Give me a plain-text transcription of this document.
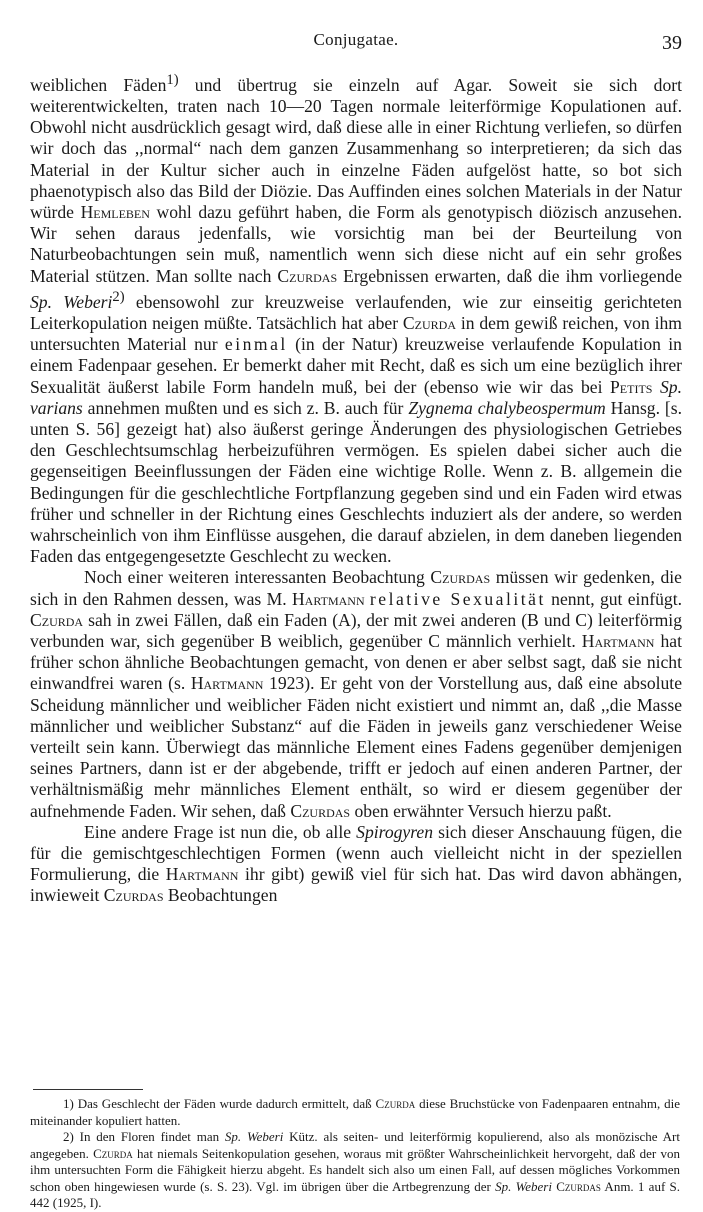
Conjugatae.	39

weiblichen Fäden$^{1)}$ und übertrug sie einzeln auf Agar. Soweit sie sich dort weiterentwickelten, traten nach 10—20 Tagen normale leiterförmige Kopulationen auf. Obwohl nicht ausdrücklich gesagt wird, daß diese alle in einer Richtung verliefen, so dürfen wir doch das ,,normal“ nach dem ganzen Zusammenhang so interpretieren; da sich das Material in der Kultur sicher auch in einzelne Fäden aufgelöst hatte, so bot sich phaenotypisch also das Bild der Diözie. Das Auffinden eines solchen Materials in der Natur würde Hemleben wohl dazu geführt haben, die Form als genotypisch diözisch anzusehen. Wir sehen daraus jedenfalls, wie vorsichtig man bei der Beurteilung von Naturbeobachtungen sein muß, namentlich wenn sich diese nicht auf ein sehr großes Material stützen. Man sollte nach Czurdas Ergebnissen erwarten, daß die ihm vorliegende Sp. Weberi$^{2)}$ ebensowohl zur kreuzweise verlaufenden, wie zur einseitig gerichteten Leiterkopulation neigen müßte. Tatsächlich hat aber Czurda in dem gewiß reichen, von ihm untersuchten Material nur einmal (in der Natur) kreuzweise verlaufende Kopulation in einem Fadenpaar gesehen. Er bemerkt daher mit Recht, daß es sich um eine bezüglich ihrer Sexualität äußerst labile Form handeln muß, bei der (ebenso wie wir das bei Petits Sp. varians annehmen mußten und es sich z. B. auch für Zygnema chalybeospermum Hansg. [s. unten S. 56] gezeigt hat) also äußerst geringe Änderungen des physiologischen Getriebes den Geschlechtsumschlag herbeizuführen vermögen. Es spielen dabei sicher auch die gegenseitigen Beeinflussungen der Fäden eine wichtige Rolle. Wenn z. B. allgemein die Bedingungen für die geschlechtliche Fortpflanzung gegeben sind und ein Faden wird etwas früher und schneller in der Richtung eines Geschlechts induziert als der andere, so werden wahrscheinlich von ihm Einflüsse ausgehen, die darauf abzielen, in dem daneben liegenden Faden das entgegengesetzte Geschlecht zu wecken.

Noch einer weiteren interessanten Beobachtung Czurdas müssen wir gedenken, die sich in den Rahmen dessen, was M. Hartmann relative Sexualität nennt, gut einfügt. Czurda sah in zwei Fällen, daß ein Faden (A), der mit zwei anderen (B und C) leiterförmig verbunden war, sich gegenüber B weiblich, gegenüber C männlich verhielt. Hartmann hat früher schon ähnliche Beobachtungen gemacht, von denen er aber selbst sagt, daß sie nicht einwandfrei waren (s. Hartmann 1923). Er geht von der Vorstellung aus, daß eine absolute Scheidung männlicher und weiblicher Fäden nicht existiert und nimmt an, daß ,,die Masse männlicher und weiblicher Substanz“ auf die Fäden in jeweils ganz verschiedener Weise verteilt sein kann. Überwiegt das männliche Element eines Fadens gegenüber demjenigen seines Partners, dann ist er der abgebende, trifft er jedoch auf einen anderen Partner, der verhältnismäßig mehr männliches Element enthält, so wird er diesem gegenüber der aufnehmende Faden. Wir sehen, daß Czurdas oben erwähnter Versuch hierzu paßt.

Eine andere Frage ist nun die, ob alle Spirogyren sich dieser Anschauung fügen, die für die gemischtgeschlechtigen Formen (wenn auch vielleicht nicht in der speziellen Formulierung, die Hartmann ihr gibt) gewiß viel für sich hat. Das wird davon abhängen, inwieweit Czurdas Beobachtungen

1) Das Geschlecht der Fäden wurde dadurch ermittelt, daß Czurda diese Bruchstücke von Fadenpaaren entnahm, die miteinander kopuliert hatten.

2) In den Floren findet man Sp. Weberi Kütz. als seiten- und leiterförmig kopulierend, also als monözische Art angegeben. Czurda hat niemals Seitenkopulation gesehen, woraus mit größter Wahrscheinlichkeit hervorgeht, daß der von ihm untersuchten Form die Fähigkeit hierzu abgeht. Es handelt sich also um einen Fall, auf dessen mögliches Vorkommen schon oben hingewiesen wurde (s. S. 23). Vgl. im übrigen über die Artbegrenzung der Sp. Weberi Czurdas Anm. 1 auf S. 442 (1925, I).
